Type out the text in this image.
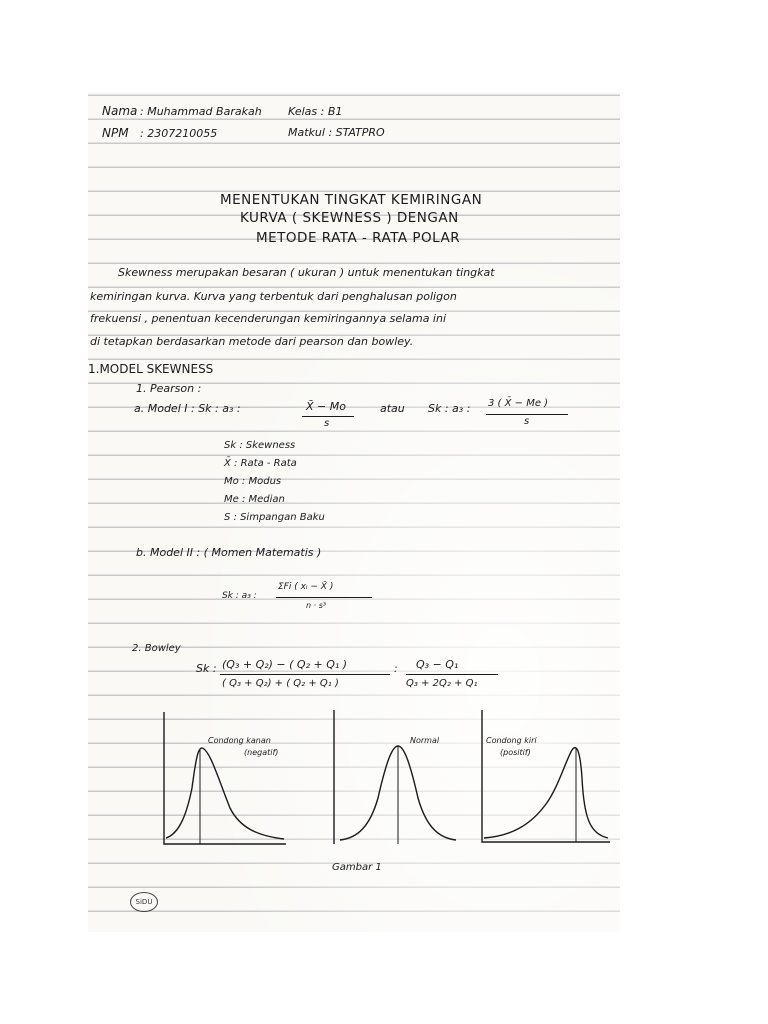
Nama : Muhammad Barakah Kelas : B1
NPM : 2307210055	Matkul : STATPRO
MENENTUKAN TINGKAT KEMIRINGAN
KURVA ( SKEWNESS ) DENGAN
METODE RATA - RATA POLAR
Skewness merupakan besaran ( ukuran ) untuk menentukan tingkat
kemiringan kurva. Kurva yang terbentuk dari penghalusan poligon
frekuensi , penentuan kecenderungan kemiringannya selama ini
di tetapkan berdasarkan metode dari pearson dan bowley.
1.MODEL SKEWNESS
1. Pearson :
a. Model I : Sk : a₃ :	X̄ − Mo
s
atau Sk : a₃ : 3 ( X̄ − Me )
s
Sk : Skewness
X̄ : Rata - Rata
Mo : Modus
Me : Median
S : Simpangan Baku
b. Model II : ( Momen Matematis )
Sk : a₃ :
ΣFi ( xᵢ − X̄ )
n · s³
2. Bowley
Sk : (Q₃ + Q₂) − ( Q₂ + Q₁ )
( Q₃ + Q₂) + ( Q₂ + Q₁ )
: Q₃ − Q₁
Q₃ + 2Q₂ + Q₁
Condong kanan
(negatif)
Normal	Condong kiri
(positif)
Gambar 1
SiDU
